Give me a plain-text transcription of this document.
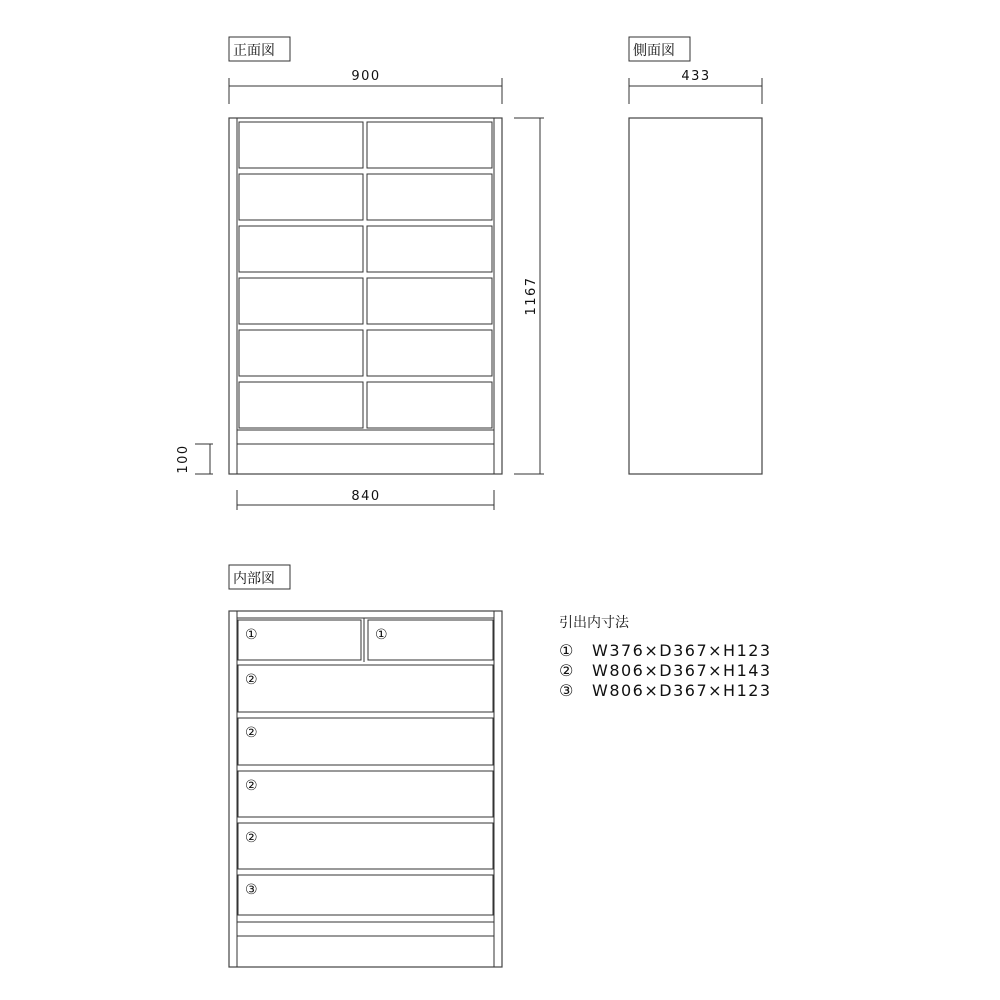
正面図
900
1167
100
840
側面図
433
内部図
①	①
②
②
②
②
③
引出内寸法
① W376×D367×H123
② W806×D367×H143
③ W806×D367×H123
